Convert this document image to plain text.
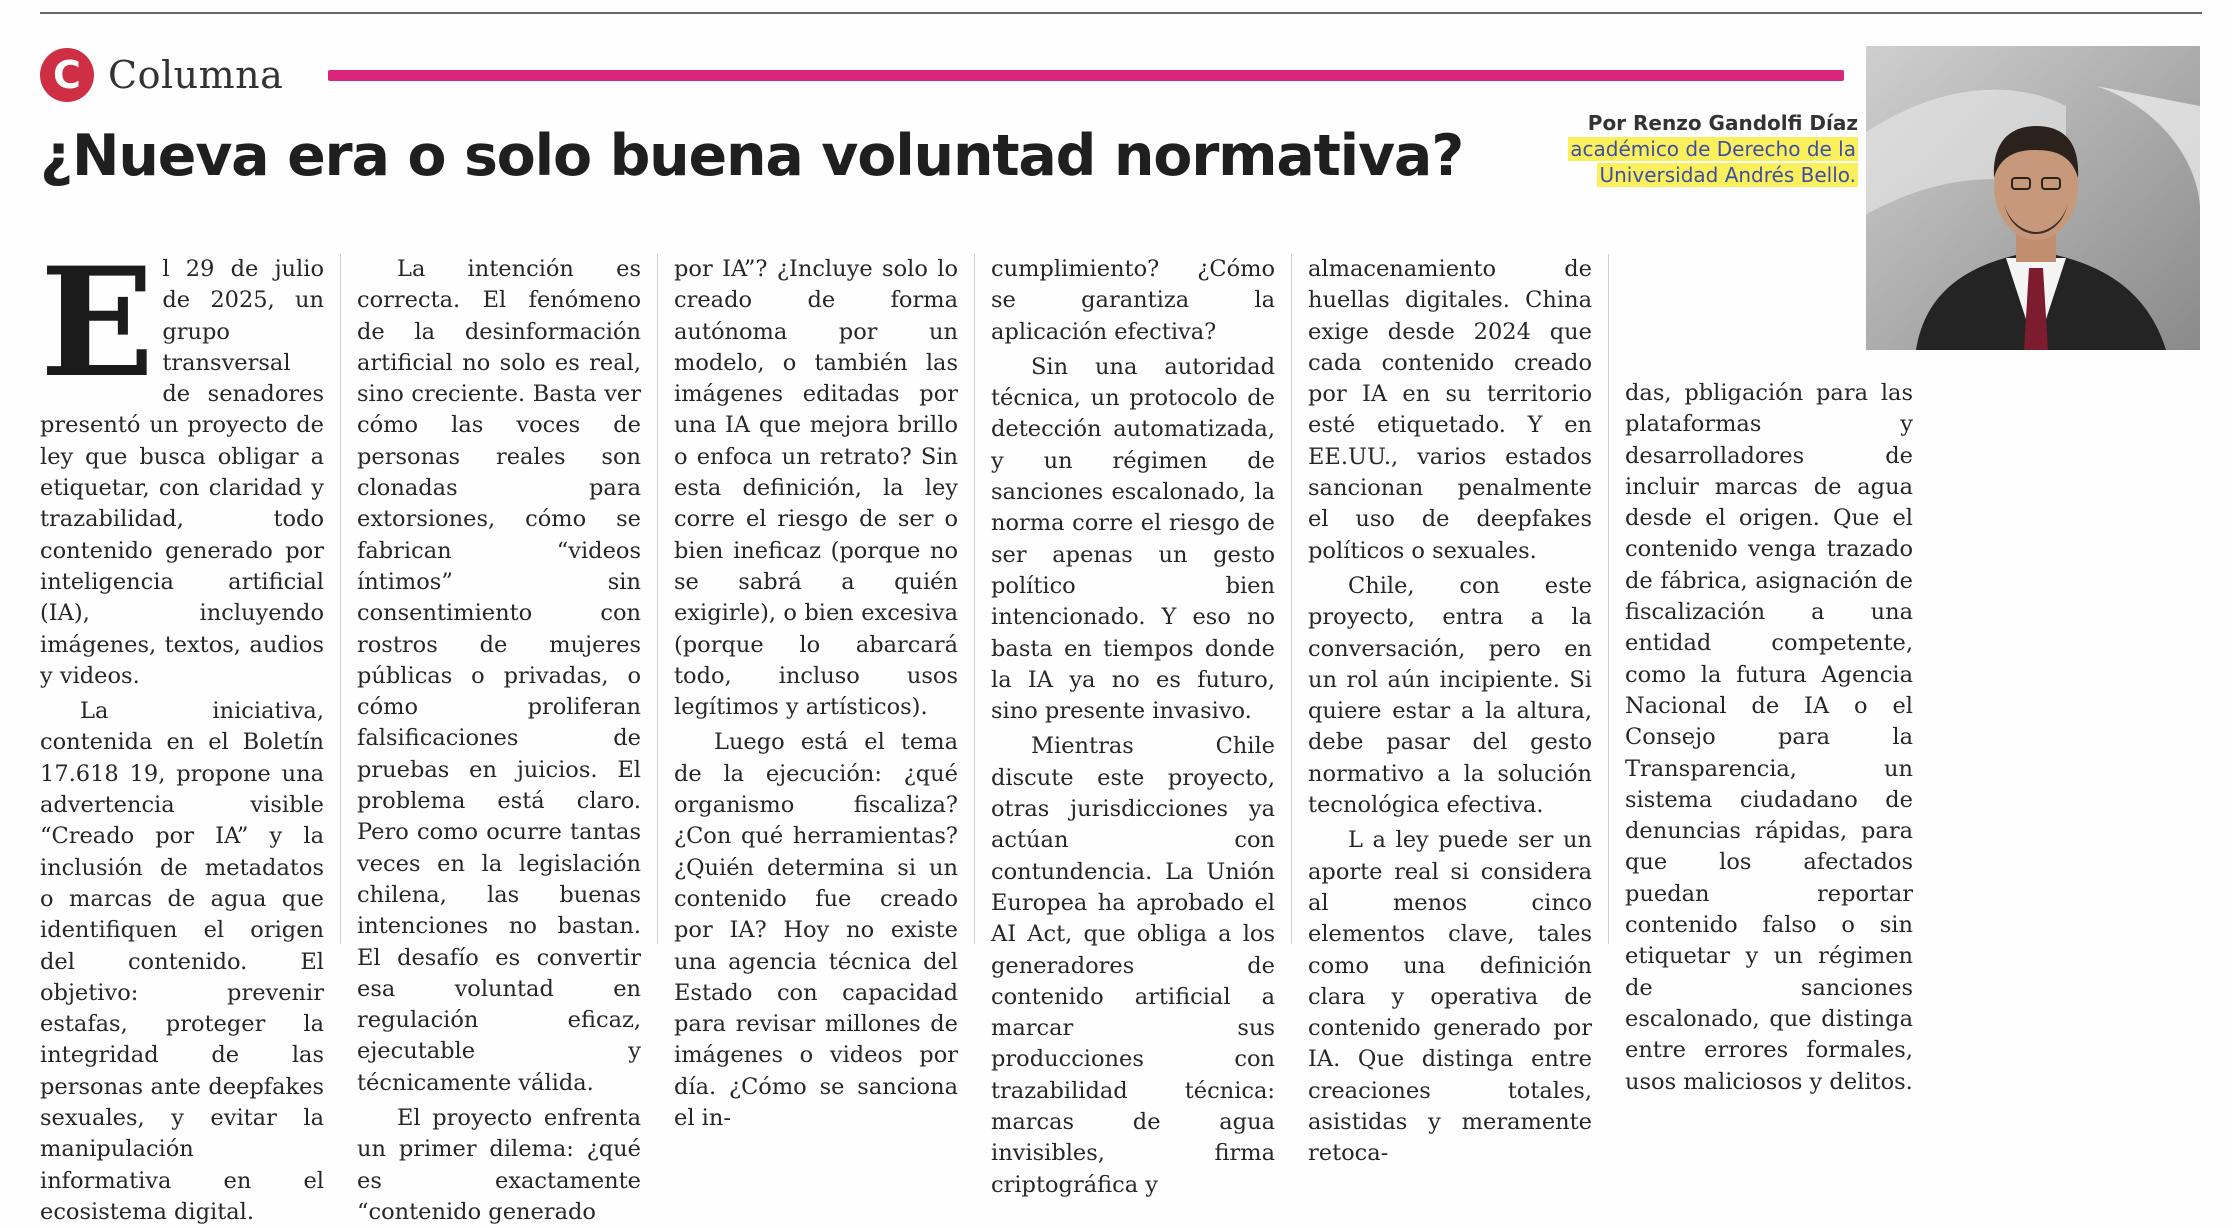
C Columna
¿Nueva era o solo buena voluntad normativa?	Por Renzo Gandolfi Díaz
académico de Derecho de la
Universidad Andrés Bello.

El 29 de julio de 2025, un grupo transversal de senadores presentó un proyecto de ley que busca obligar a etiquetar, con claridad y trazabilidad, todo contenido generado por inteligencia artificial (IA), incluyendo imágenes, textos, audios y videos.

La iniciativa, contenida en el Boletín 17.618 19, propone una advertencia visible “Creado por IA” y la inclusión de metadatos o marcas de agua que identifiquen el origen del contenido. El objetivo: prevenir estafas, proteger la integridad de las personas ante deepfakes sexuales, y evitar la manipulación informativa en el ecosistema digital.

La intención es correcta. El fenómeno de la desinformación artificial no solo es real, sino creciente. Basta ver cómo las voces de personas reales son clonadas para extorsiones, cómo se fabrican “videos íntimos” sin consentimiento con rostros de mujeres públicas o privadas, o cómo proliferan falsificaciones de pruebas en juicios. El problema está claro. Pero como ocurre tantas veces en la legislación chilena, las buenas intenciones no bastan. El desafío es convertir esa voluntad en regulación eficaz, ejecutable y técnicamente válida.

El proyecto enfrenta un primer dilema: ¿qué es exactamente “contenido generado

por IA”? ¿Incluye solo lo creado de forma autónoma por un modelo, o también las imágenes editadas por una IA que mejora brillo o enfoca un retrato? Sin esta definición, la ley corre el riesgo de ser o bien ineficaz (porque no se sabrá a quién exigirle), o bien excesiva (porque lo abarcará todo, incluso usos legítimos y artísticos).

Luego está el tema de la ejecución: ¿qué organismo fiscaliza? ¿Con qué herramientas? ¿Quién determina si un contenido fue creado por IA? Hoy no existe una agencia técnica del Estado con capacidad para revisar millones de imágenes o videos por día. ¿Cómo se sanciona el in-

cumplimiento? ¿Cómo se garantiza la aplicación efectiva?

Sin una autoridad técnica, un protocolo de detección automatizada, y un régimen de sanciones escalonado, la norma corre el riesgo de ser apenas un gesto político bien intencionado. Y eso no basta en tiempos donde la IA ya no es futuro, sino presente invasivo.

Mientras Chile discute este proyecto, otras jurisdicciones ya actúan con contundencia. La Unión Europea ha aprobado el AI Act, que obliga a los generadores de contenido artificial a marcar sus producciones con trazabilidad técnica: marcas de agua invisibles, firma criptográfica y

almacenamiento de huellas digitales. China exige desde 2024 que cada contenido creado por IA en su territorio esté etiquetado. Y en EE.UU., varios estados sancionan penalmente el uso de deepfakes políticos o sexuales.

Chile, con este proyecto, entra a la conversación, pero en un rol aún incipiente. Si quiere estar a la altura, debe pasar del gesto normativo a la solución tecnológica efectiva.

L a ley puede ser un aporte real si considera al menos cinco elementos clave, tales como una definición clara y operativa de contenido generado por IA. Que distinga entre creaciones totales, asistidas y meramente retoca-

das, pbligación para las plataformas y desarrolladores de incluir marcas de agua desde el origen. Que el contenido venga trazado de fábrica, asignación de fiscalización a una entidad competente, como la futura Agencia Nacional de IA o el Consejo para la Transparencia, un sistema ciudadano de denuncias rápidas, para que los afectados puedan reportar contenido falso o sin etiquetar y un régimen de sanciones escalonado, que distinga entre errores formales, usos maliciosos y delitos.
